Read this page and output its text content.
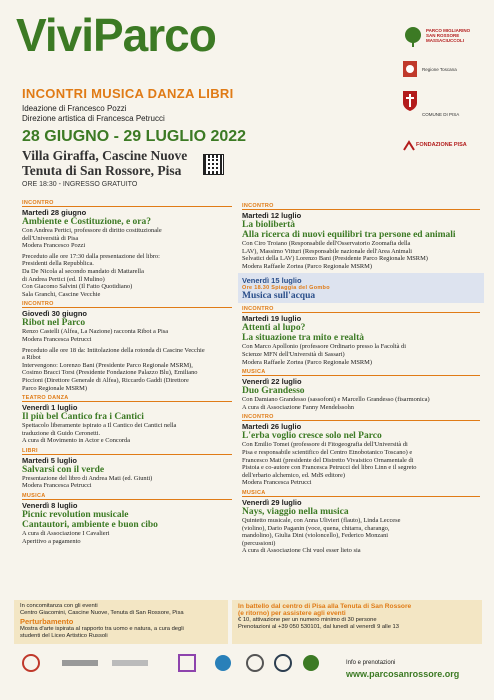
ViviParco
INCONTRI MUSICA DANZA LIBRI
Ideazione di Francesco Pozzi
Direzione artistica di Francesca Petrucci
28 GIUGNO - 29 LUGLIO 2022
Villa Giraffa, Cascine Nuove
Tenuta di San Rossore, Pisa
ORE 18:30 - INGRESSO GRATUITO
PARCO MIGLIARINO SAN ROSSORE MASSACIUCCOLI
Regione Toscana
COMUNE DI PISA
FONDAZIONE PISA
INCONTRO
Martedì 28 giugno
Ambiente e Costituzione, e ora?
Con Andrea Pertici, professore di diritto costituzionale
dell'Università di Pisa
Modera Francesco Pozzi
Preceduto alle ore 17:30 dalla presentazione del libro:
Presidenti della Repubblica.
Da De Nicola al secondo mandato di Mattarella
di Andrea Pertici (ed. Il Mulino)
Con Giacomo Salvini (Il Fatto Quotidiano)
Sala Granchi, Cascine Vecchie
INCONTRO
Giovedì 30 giugno
Ribot nel Parco
Renzo Castelli (Alfea, La Nazione) racconta Ribot a Pisa
Modera Francesca Petrucci
Preceduto alle ore 18 da: Intitolazione della rotonda di Cascine Vecchie
a Ribot
Intervengono: Lorenzo Bani (Presidente Parco Regionale MSRM),
Cosimo Bracci Torsi (Presidente Fondazione Palazzo Blu), Emiliano
Piccioni (Direttore Generale di Alfea), Riccardo Gaddi (Direttore
Parco Regionale MSRM)
TEATRO DANZA
Venerdì 1 luglio
Il più bel Cantico fra i Cantici
Spettacolo liberamente ispirato a Il Cantico dei Cantici nella
traduzione di Guido Ceronetti.
A cura di Movimento in Actor e Concorda
LIBRI
Martedì 5 luglio
Salvarsi con il verde
Presentazione del libro di Andrea Mati (ed. Giunti)
Modera Francesca Petrucci
MUSICA
Venerdì 8 luglio
Picnic revolution musicale
Cantautori, ambiente e buon cibo
A cura di Associazione I Cavalieri
Aperitivo a pagamento
INCONTRO
Martedì 12 luglio
La biolibertà
Alla ricerca di nuovi equilibri tra persone ed animali
Con Ciro Troiano (Responsabile dell'Osservatorio Zoomafia della
LAV), Massimo Vitturi (Responsabile nazionale dell'Area Animali
Selvatici della LAV) Lorenzo Bani (Presidente Parco Regionale MSRM)
Modera Raffaele Zortea (Parco Regionale MSRM)
Venerdì 15 luglio
Ore 18.30 Spiaggia del Gombo
Musica sull'acqua
INCONTRO
Martedì 19 luglio
Attenti al lupo?
La situazione tra mito e realtà
Con Marco Apollonio (professore Ordinario presso la Facoltà di
Scienze MFN dell'Università di Sassari)
Modera Raffaele Zortea (Parco Regionale MSRM)
MUSICA
Venerdì 22 luglio
Duo Grandesso
Con Damiano Grandesso (sassofoni) e Marcello Grandesso (fisarmonica)
A cura di Associazione Fanny Mendelssohn
INCONTRO
Martedì 26 luglio
L'erba voglio cresce solo nel Parco
Con Emilio Tomei (professore di Fitogeografia dell'Università di
Pisa e responsabile scientifico del Centro Etnobotanico Toscano) e
Francesco Mati (presidente del Distretto Vivaistico Ornamentale di
Pistoia e co-autore con Francesca Petrucci del libro Linn e il segreto
dell'erbario alchemico, ed. MdS editore)
Modera Francesca Petrucci
MUSICA
Venerdì 29 luglio
Nays, viaggio nella musica
Quintetto musicale, con Anna Ulivieri (flauto), Linda Leccese
(violino), Dario Paganin (voce, quena, chitarra, charango,
mandolino), Giulia Dini (violoncello), Federico Monzani
(percussioni)
A cura di Associazione Chi vuol esser lieto sia
In concomitanza con gli eventi
Centro Giacomini, Cascine Nuove, Tenuta di San Rossore, Pisa
Perturbamento
Mostra d'arte ispirata al rapporto tra uomo e natura, a cura degli
studenti del Liceo Artistico Russoli
In battello dal centro di Pisa alla Tenuta di San Rossore
(e ritorno) per assistere agli eventi
€ 10, attivazione per un numero minimo di 30 persone
Prenotazioni al +39 050 530101, dal lunedì al venerdì 9 alle 13
Info e prenotazioni
www.parcosanrossore.org
